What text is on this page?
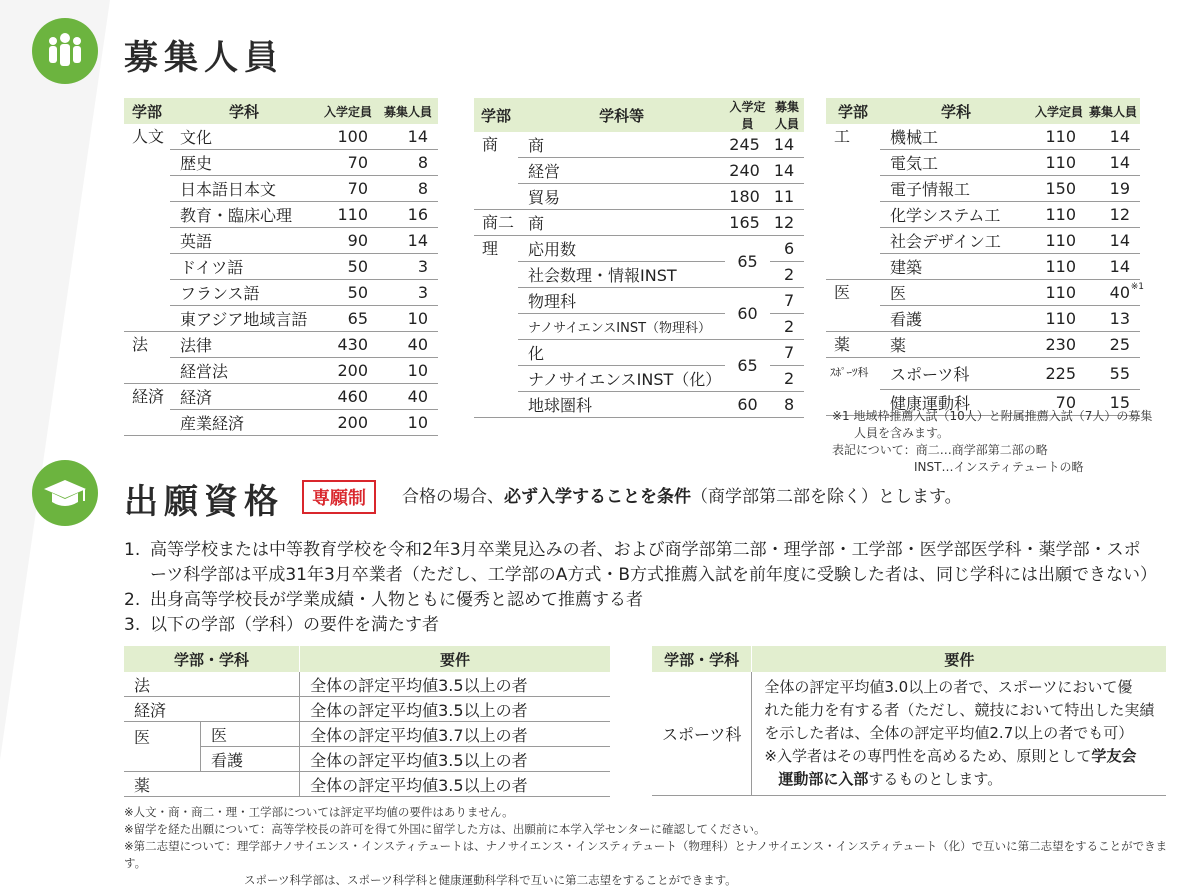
募集人員
学部	学科	入学定員	募集人員
人文	文化	100	14
	歴史	70	8
	日本語日本文	70	8
	教育・臨床心理	110	16
	英語	90	14
	ドイツ語	50	3
	フランス語	50	3
	東アジア地域言語	65	10
法	法律	430	40
	経営法	200	10
経済	経済	460	40
	産業経済	200	10
学部	学科等	入学定員	募集人員
商	商	245	14
	経営	240	14
	貿易	180	11
商二	商	165	12
理	応用数	65	6
	社会数理・情報INST		2
	物理科	60	7
	ナノサイエンスINST（物理科）		2
	化	65	7
	ナノサイエンスINST（化）		2
	地球圏科	60	8
学部	学科	入学定員	募集人員
工	機械工	110	14
	電気工	110	14
	電子情報工	150	19
	化学システム工	110	12
	社会デザイン工	110	14
	建築	110	14
医	医	110	40 ※1

	看護	110	13
薬	薬	230	25
ｽﾎﾟｰﾂ科	スポーツ科	225	55
	健康運動科	70	15
※1 地域枠推薦入試（10人）と附属推薦入試（7人）の募集
人員を含みます。
表記について：商二…商学部第二部の略
INST…インスティテュートの略
出願資格	専願制	合格の場合、必ず入学することを条件（商学部第二部を除く）とします。
1. 高等学校または中等教育学校を令和2年3月卒業見込みの者、および商学部第二部・理学部・工学部・医学部医学科・薬学部・スポーツ科学部は平成31年3月卒業者（ただし、工学部のA方式・B方式推薦入試を前年度に受験した者は、同じ学科には出願できない）
2. 出身高等学校長が学業成績・人物ともに優秀と認めて推薦する者
3. 以下の学部（学科）の要件を満たす者
学部・学科		要件
法		全体の評定平均値3.5以上の者
経済		全体の評定平均値3.5以上の者
医	医	全体の評定平均値3.7以上の者
	看護	全体の評定平均値3.5以上の者
薬		全体の評定平均値3.5以上の者
学部・学科	要件
スポーツ科	全体の評定平均値3.0以上の者で、スポーツにおいて優
れた能力を有する者（ただし、競技において特出した実績
を示した者は、全体の評定平均値2.7以上の者でも可）
※入学者はその専門性を高めるため、原則として学友会
運動部に入部するものとします。
※人文・商・商二・理・工学部については評定平均値の要件はありません。
※留学を経た出願について：高等学校長の許可を得て外国に留学した方は、出願前に本学入学センターに確認してください。
※第二志望について：理学部ナノサイエンス・インスティテュートは、ナノサイエンス・インスティテュート（物理科）とナノサイエンス・インスティテュート（化）で互いに第二志望をすることができます。
スポーツ科学部は、スポーツ科学科と健康運動科学科で互いに第二志望をすることができます。
